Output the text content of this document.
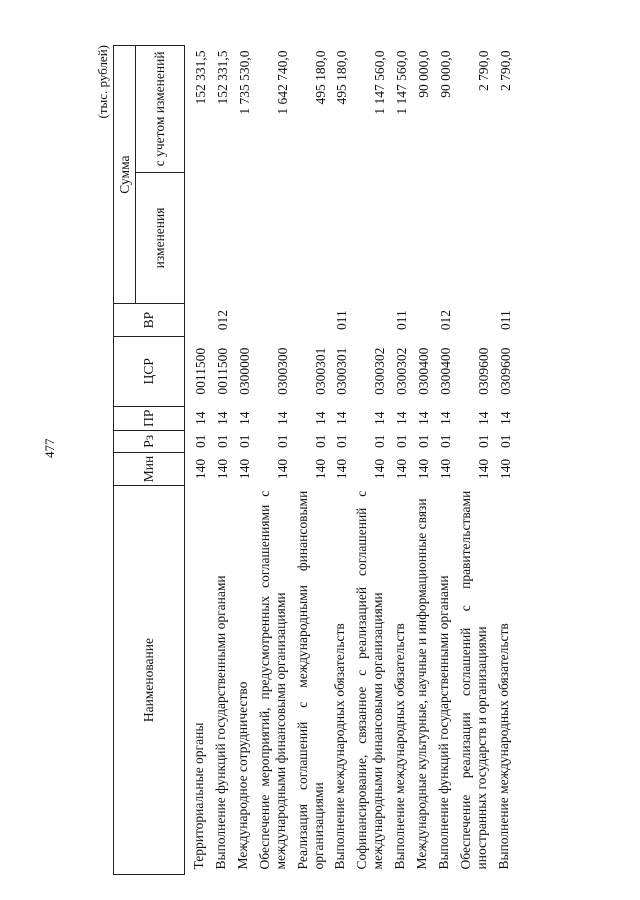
477
(тыс. рублей)
Наименование	Мин	Рз	ПР	ЦСР	ВР	Сумма	
						изменения	с учетом изменений
Территориальные органы	140	01	14	0011500			152 331,5
Выполнение функций государственными органами	140	01	14	0011500	012		152 331,5
Международное сотрудничество	140	01	14	0300000			1 735 530,0
Обеспечение мероприятий, предусмотренных соглашениями с международными финансовыми организациями	140	01	14	0300300			1 642 740,0
Реализация соглашений с международными финансовыми организациями	140	01	14	0300301			495 180,0
Выполнение международных обязательств	140	01	14	0300301	011		495 180,0
Софинансирование, связанное с реализацией соглашений с международными финансовыми организациями	140	01	14	0300302			1 147 560,0
Выполнение международных обязательств	140	01	14	0300302	011		1 147 560,0
Международные культурные, научные и информационные связи	140	01	14	0300400			90 000,0
Выполнение функций государственными органами	140	01	14	0300400	012		90 000,0
Обеспечение реализации соглашений с правительствами иностранных государств и организациями	140	01	14	0309600			2 790,0
Выполнение международных обязательств	140	01	14	0309600	011		2 790,0
